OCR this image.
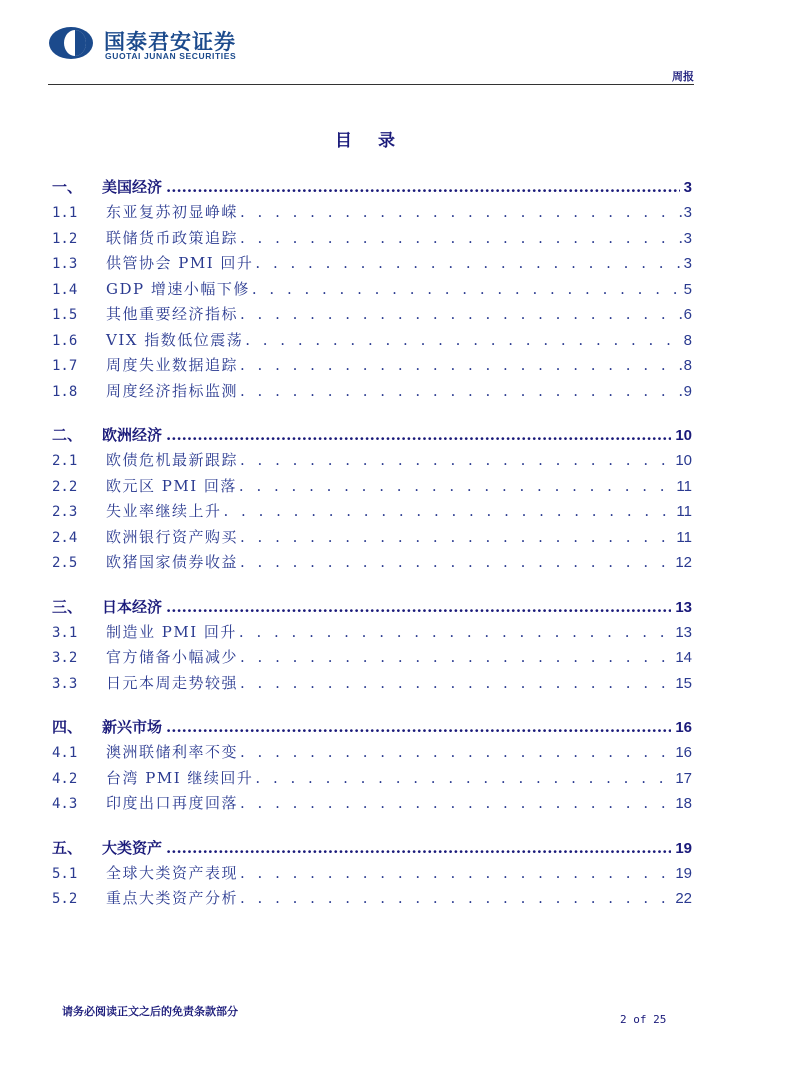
国泰君安证券
GUOTAI JUNAN SECURITIES
周报
目 录
一、	美国经济 .....	3
1.1	东亚复苏初显峥嵘 . . .	3
1.2	联储货币政策追踪 . . .	3
1.3	供管协会 PMI 回升 . . .	3
1.4	GDP 增速小幅下修 . . .	5
1.5	其他重要经济指标 . . .	6
1.6	VIX 指数低位震荡 . . .	8
1.7	周度失业数据追踪 . . .	8
1.8	周度经济指标监测 . . .	9
二、	欧洲经济 .....	10
2.1	欧债危机最新跟踪 . . .	10
2.2	欧元区 PMI 回落 . . .	11
2.3	失业率继续上升 . . .	11
2.4	欧洲银行资产购买 . . .	11
2.5	欧猪国家债券收益 . . .	12
三、	日本经济 .....	13
3.1	制造业 PMI 回升 . . .	13
3.2	官方储备小幅减少 . . .	14
3.3	日元本周走势较强 . . .	15
四、	新兴市场 .....	16
4.1	澳洲联储利率不变 . . .	16
4.2	台湾 PMI 继续回升 . . .	17
4.3	印度出口再度回落 . . .	18
五、	大类资产 .....	19
5.1	全球大类资产表现 . . .	19
5.2	重点大类资产分析 . . .	22
请务必阅读正文之后的免责条款部分
2 of 25
